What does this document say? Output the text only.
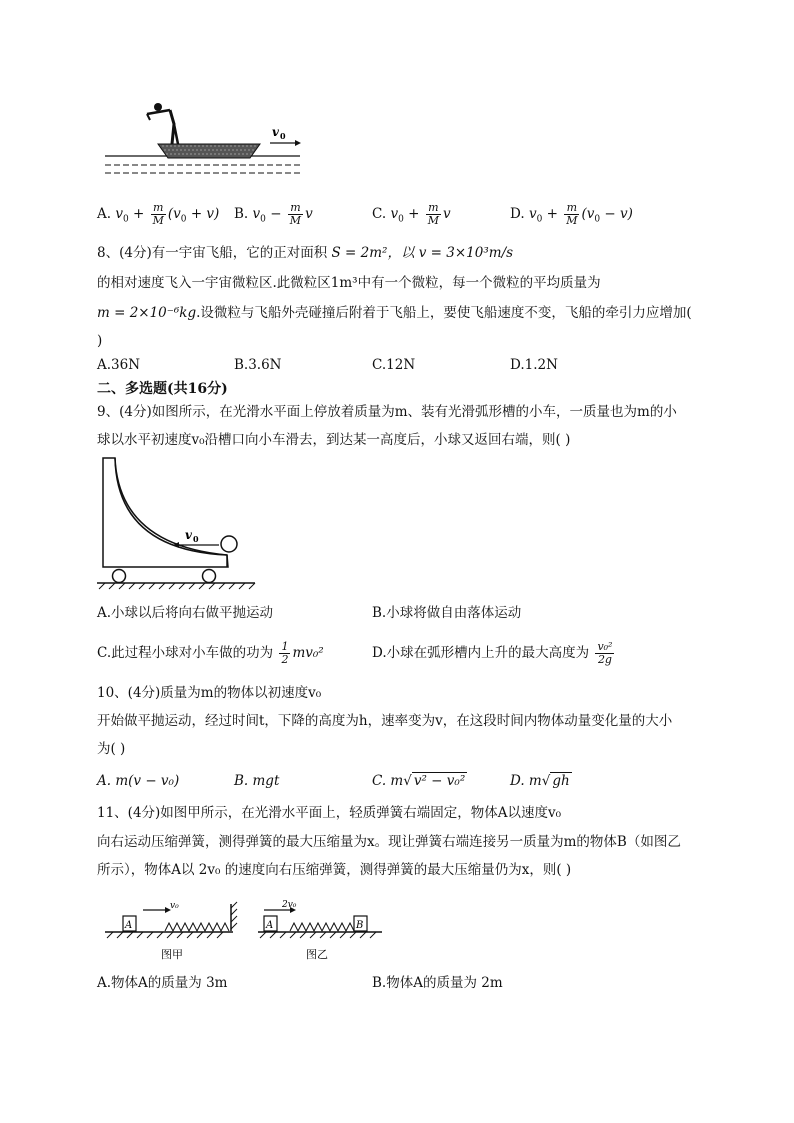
v 0
A. $v_0 + \frac{m}{M} (v_0 + v)$ B. $v_0 - \frac{m}{M}$ v	C. $v_0 + \frac{m}{M}$ v	D. $v_0 + \frac{m}{M} (v_0 - v)$
8、(4分)有一宇宙飞船，它的正对面积 S = 2m²，以 v = 3×10³m/s
的相对速度飞入一宇宙微粒区.此微粒区1m³中有一个微粒，每一个微粒的平均质量为
m = 2×10⁻⁶kg.设微粒与飞船外壳碰撞后附着于飞船上，要使飞船速度不变，飞船的牵引力应增加(
)
A.36N	B.3.6N	C.12N	D.1.2N
二、多选题(共16分)
9、(4分)如图所示，在光滑水平面上停放着质量为m、装有光滑弧形槽的小车，一质量也为m的小
球以水平初速度v₀沿槽口向小车滑去，到达某一高度后，小球又返回右端，则( )
v 0
A.小球以后将向右做平抛运动	B.小球将做自由落体运动
C.此过程小球对小车做的功为 $\frac{1}{2} mv_0^2$	D.小球在弧形槽内上升的最大高度为 $\frac{\text{v₀²}}{2g}$
10、(4分)质量为m的物体以初速度v₀
开始做平抛运动，经过时间t，下降的高度为h，速率变为v，在这段时间内物体动量变化量的大小
为( )
A. m(v − v₀)	B. mgt	C. m√ v² − v₀²	D. m√ gh
11、(4分)如图甲所示，在光滑水平面上，轻质弹簧右端固定，物体A以速度v₀
向右运动压缩弹簧，测得弹簧的最大压缩量为x。现让弹簧右端连接另一质量为m的物体B（如图乙
所示），物体A以 2v₀ 的速度向右压缩弹簧，测得弹簧的最大压缩量仍为x，则( )
A
v₀
图甲
A
2v₀
B
图乙
A.物体A的质量为 3m	B.物体A的质量为 2m
